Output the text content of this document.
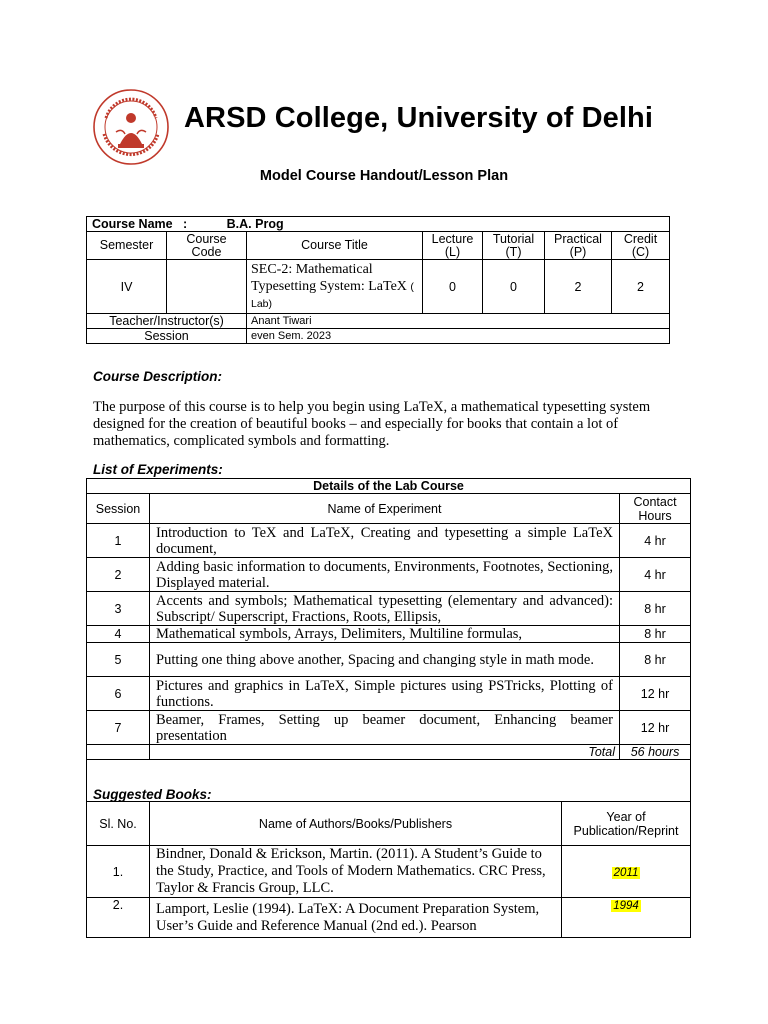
ARSD College, University of Delhi
Model Course Handout/Lesson Plan
Course Name   : B.A. Prog						
Semester	Course Code	Course Title	Lecture (L)	Tutorial (T)	Practical (P)	Credit (C)
IV		SEC-2: Mathematical Typesetting System: LaTeX ( Lab)	0	0	2	2
Teacher/Instructor(s)		Anant Tiwari				
Session		even Sem. 2023				
Course Description:
The purpose of this course is to help you begin using LaTeX, a mathematical typesetting system designed for the creation of beautiful books – and especially for books that contain a lot of mathematics, complicated symbols and formatting.
List of Experiments:
Details of the Lab Course		
Session	Name of Experiment	Contact Hours
1	Introduction to TeX and LaTeX, Creating and typesetting a simple LaTeX document,	4 hr
2	Adding basic information to documents, Environments, Footnotes, Sectioning, Displayed material.	4 hr
3	Accents and symbols; Mathematical typesetting (elementary and advanced): Subscript/ Superscript, Fractions, Roots, Ellipsis,	8 hr
4	Mathematical symbols, Arrays, Delimiters, Multiline formulas,	8 hr
5	Putting one thing above another, Spacing and changing style in math mode.	8 hr
6	Pictures and graphics in LaTeX, Simple pictures using PSTricks, Plotting of functions.	12 hr
7	Beamer, Frames, Setting up beamer document, Enhancing beamer presentation	12 hr
	Total	56 hours

Suggested Books:
Sl. No.	Name of Authors/Books/Publishers	Year of Publication/Reprint
1.	Bindner, Donald & Erickson, Martin. (2011). A Student’s Guide to the Study, Practice, and Tools of Modern Mathematics. CRC Press, Taylor & Francis Group, LLC.	2011
2.	Lamport, Leslie (1994). LaTeX: A Document Preparation System, User’s Guide and Reference Manual (2nd ed.). Pearson	1994
